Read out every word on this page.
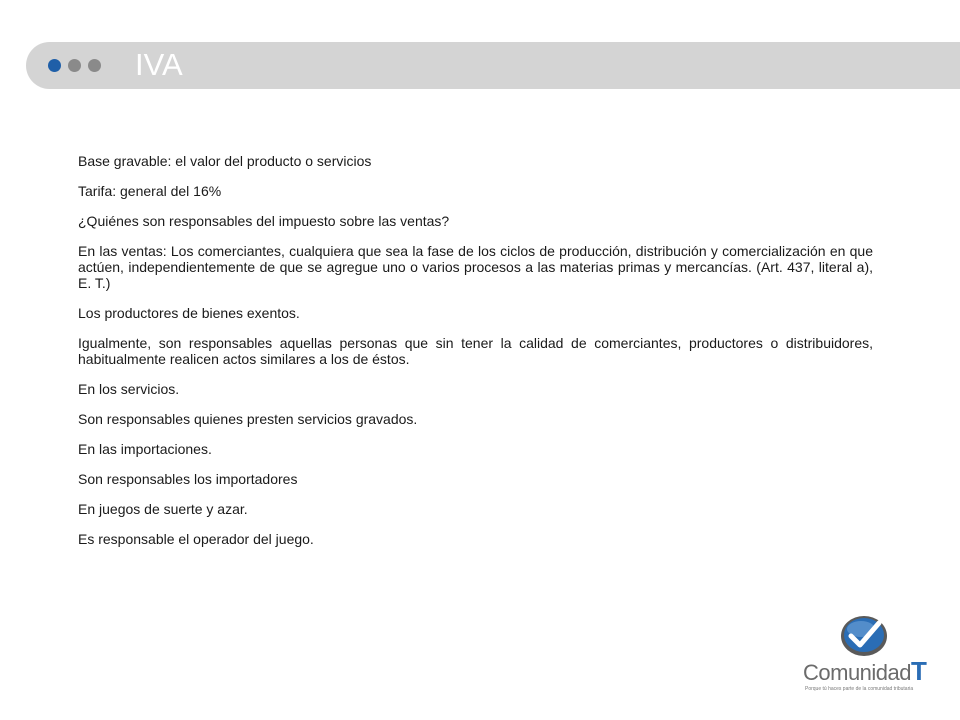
IVA

Base gravable: el valor del producto o servicios

Tarifa: general del 16%

¿Quiénes son responsables del impuesto sobre las ventas?

En las ventas: Los comerciantes, cualquiera que sea la fase de los ciclos de producción, distribución y comercialización en que actúen, independientemente de que se agregue uno o varios procesos a las materias primas y mercancías. (Art. 437, literal a), E. T.)

Los productores de bienes exentos.

Igualmente, son responsables aquellas personas que sin tener la calidad de comerciantes, productores o distribuidores, habitualmente realicen actos similares a los de éstos.

En los servicios.

Son responsables quienes presten servicios gravados.

En las importaciones.

Son responsables los importadores

En juegos de suerte y azar.

Es responsable el operador del juego.

ComunidadT
Porque tú haces parte de la comunidad tributaria
